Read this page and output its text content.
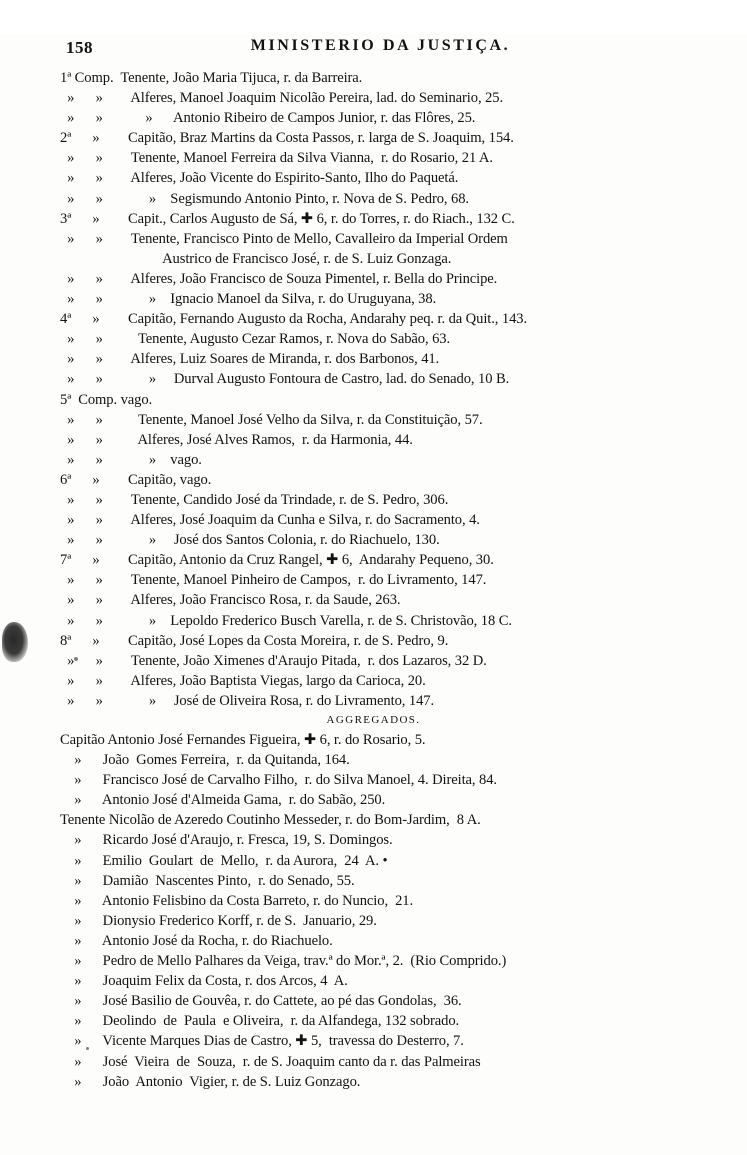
158	MINISTERIO DA JUSTIÇA.
1ª Comp.  Tenente, João Maria Tijuca, r. da Barreira.
»      »        Alferes, Manoel Joaquim Nicolão Pereira, lad. do Seminario, 25.
»      »            »      Antonio Ribeiro de Campos Junior, r. das Flôres, 25.
2ª      »        Capitão, Braz Martins da Costa Passos, r. larga de S. Joaquim, 154.
»      »        Tenente, Manoel Ferreira da Silva Vianna,  r. do Rosario, 21 A.
»      »        Alferes, João Vicente do Espirito-Santo, Ilho do Paquetá.
»      »             »    Segismundo Antonio Pinto, r. Nova de S. Pedro, 68.
3ª      »        Capit., Carlos Augusto de Sá, ✚ 6, r. do Torres, r. do Riach., 132 C.
»      »        Tenente, Francisco Pinto de Mello, Cavalleiro da Imperial Ordem
Austrico de Francisco José, r. de S. Luiz Gonzaga.
»      »        Alferes, João Francisco de Souza Pimentel, r. Bella do Principe.
»      »             »    Ignacio Manoel da Silva, r. do Uruguyana, 38.
4ª      »        Capitão, Fernando Augusto da Rocha, Andarahy peq. r. da Quit., 143.
»      »          Tenente, Augusto Cezar Ramos, r. Nova do Sabão, 63.
»      »        Alferes, Luiz Soares de Miranda, r. dos Barbonos, 41.
»      »             »     Durval Augusto Fontoura de Castro, lad. do Senado, 10 B.
5ª  Comp. vago.
»      »          Tenente, Manoel José Velho da Silva, r. da Constituição, 57.
»      »          Alferes, José Alves Ramos,  r. da Harmonia, 44.
»      »             »    vago.
6ª      »        Capitão, vago.
»      »        Tenente, Candido José da Trindade, r. de S. Pedro, 306.
»      »        Alferes, José Joaquim da Cunha e Silva, r. do Sacramento, 4.
»      »             »     José dos Santos Colonia, r. do Riachuelo, 130.
7ª      »        Capitão, Antonio da Cruz Rangel, ✚ 6,  Andarahy Pequeno, 30.
»      »        Tenente, Manoel Pinheiro de Campos,  r. do Livramento, 147.
»      »        Alferes, João Francisco Rosa, r. da Saude, 263.
»      »             »    Lepoldo Frederico Busch Varella, r. de S. Christovão, 18 C.
8ª      »        Capitão, José Lopes da Costa Moreira, r. de S. Pedro, 9.
»      »        Tenente, João Ximenes d'Araujo Pitada,  r. dos Lazaros, 32 D.
»      »        Alferes, João Baptista Viegas, largo da Carioca, 20.
»      »             »     José de Oliveira Rosa, r. do Livramento, 147.
AGGREGADOS.
Capitão Antonio José Fernandes Figueira, ✚ 6, r. do Rosario, 5.
»      João  Gomes Ferreira,  r. da Quitanda, 164.
»      Francisco José de Carvalho Filho,  r. do Silva Manoel, 4. Direita, 84.
»      Antonio José d'Almeida Gama,  r. do Sabão, 250.
Tenente Nicolão de Azeredo Coutinho Messeder, r. do Bom-Jardim,  8 A.
»      Ricardo José d'Araujo, r. Fresca, 19, S. Domingos.
»      Emilio  Goulart  de  Mello,  r. da Aurora,  24  A. •
»      Damião  Nascentes Pinto,  r. do Senado, 55.
»      Antonio Felisbino da Costa Barreto, r. do Nuncio,  21.
»      Dionysio Frederico Korff, r. de S.  Januario, 29.
»      Antonio José da Rocha, r. do Riachuelo.
»      Pedro de Mello Palhares da Veiga, trav.ª do Mor.ª, 2.  (Rio Comprido.)
»      Joaquim Felix da Costa, r. dos Arcos, 4  A.
»      José Basilio de Gouvêa, r. do Cattete, ao pé das Gondolas,  36.
»      Deolindo  de  Paula  e Oliveira,  r. da Alfandega, 132 sobrado.
»      Vicente Marques Dias de Castro, ✚ 5,  travessa do Desterro, 7.
»      José  Vieira  de  Souza,  r. de S. Joaquim canto da r. das Palmeiras
»      João  Antonio  Vigier, r. de S. Luiz Gonzago.
